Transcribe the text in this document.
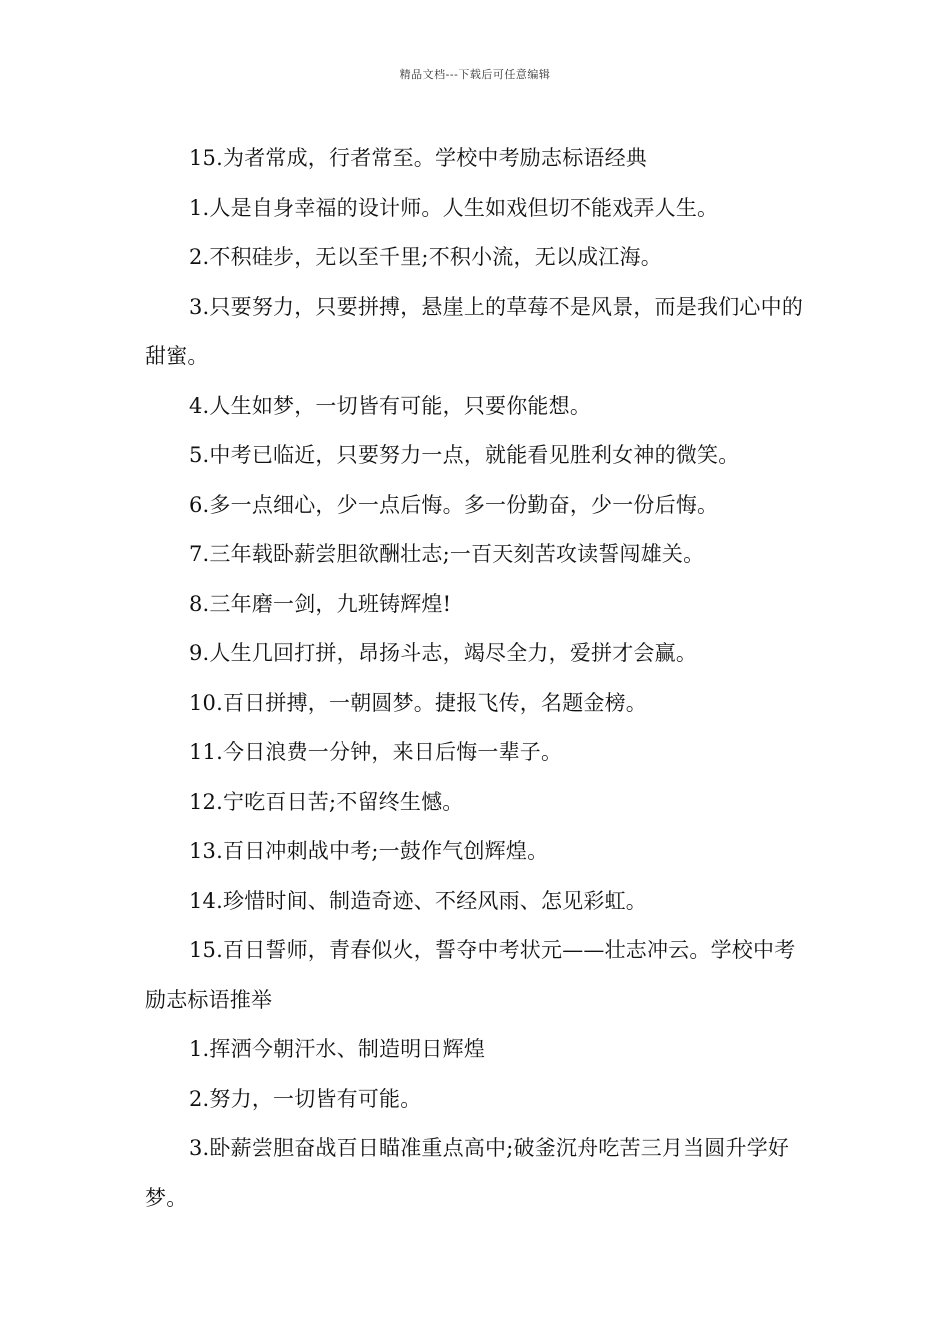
精品文档---下载后可任意编辑

15.为者常成，行者常至。学校中考励志标语经典

1.人是自身幸福的设计师。人生如戏但切不能戏弄人生。

2.不积硅步，无以至千里;不积小流，无以成江海。

3.只要努力，只要拼搏，悬崖上的草莓不是风景，而是我们心中的甜蜜。

4.人生如梦，一切皆有可能，只要你能想。

5.中考已临近，只要努力一点，就能看见胜利女神的微笑。

6.多一点细心，少一点后悔。多一份勤奋，少一份后悔。

7.三年载卧薪尝胆欲酬壮志;一百天刻苦攻读誓闯雄关。

8.三年磨一剑，九班铸辉煌!

9.人生几回打拼，昂扬斗志，竭尽全力，爱拼才会赢。

10.百日拼搏，一朝圆梦。捷报飞传，名题金榜。

11.今日浪费一分钟，来日后悔一辈子。

12.宁吃百日苦;不留终生憾。

13.百日冲刺战中考;一鼓作气创辉煌。

14.珍惜时间、制造奇迹、不经风雨、怎见彩虹。

15.百日誓师，青春似火，誓夺中考状元——壮志冲云。学校中考励志标语推举

1.挥洒今朝汗水、制造明日辉煌

2.努力，一切皆有可能。

3.卧薪尝胆奋战百日瞄准重点高中;破釜沉舟吃苦三月当圆升学好梦。
